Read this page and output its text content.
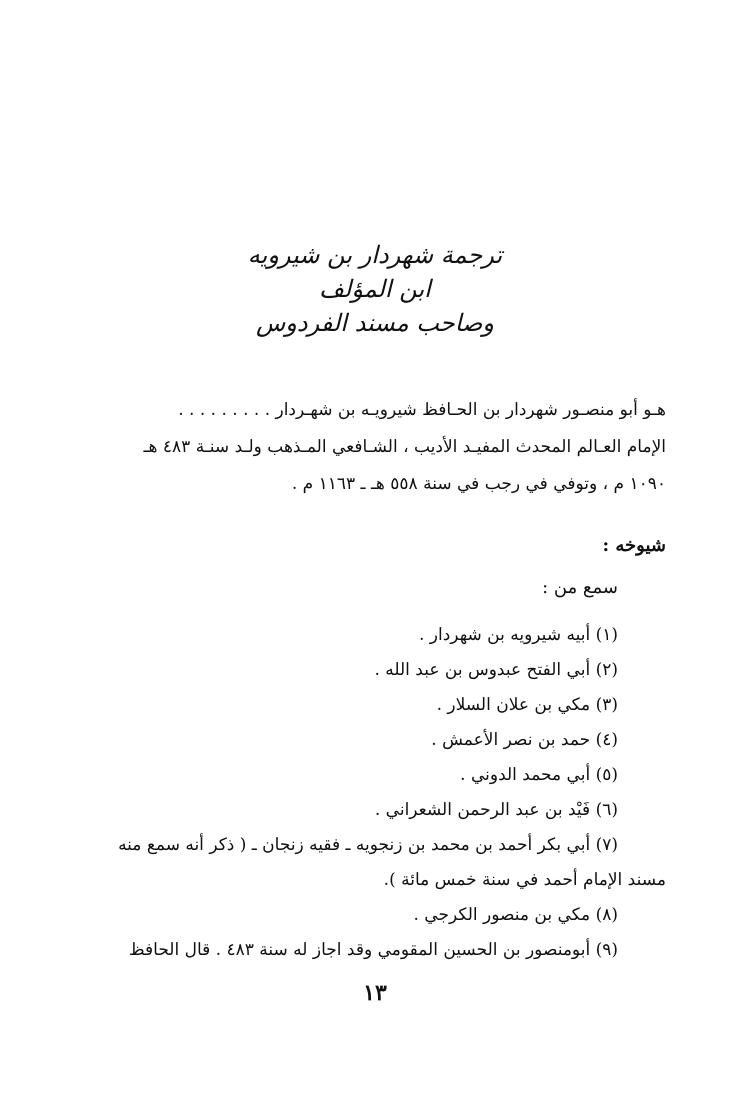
ترجمة شهردار بن شيرويه
ابن المؤلف
وصاحب مسند الفردوس
هـو أبو منصـور شهردار بن الحـافظ شيرويـه بن شهـردار . . . . . . . . .
الإمام العـالم المحدث المفيـد الأديب ، الشـافعي المـذهب ولـد سنـة ٤٨٣ هـ
١٠٩٠ م ، وتوفي في رجب في سنة ٥٥٨ هـ ـ ١١٦٣ م .
شيوخه :
سمع من :
(١) أبيه شيرويه بن شهردار .
(٢) أبي الفتح عبدوس بن عبد الله .
(٣) مكي بن علان السلار .
(٤) حمد بن نصر الأعمش .
(٥) أبي محمد الدوني .
(٦) فَيْد بن عبد الرحمن الشعراني .
(٧) أبي بكر أحمد بن محمد بن زنجويه ـ فقيه زنجان ـ ( ذكر أنه سمع منه
مسند الإمام أحمد في سنة خمس مائة ).
(٨) مكي بن منصور الكرجي .
(٩) أبومنصور بن الحسين المقومي وقد اجاز له سنة ٤٨٣ . قال الحافظ
١٣
